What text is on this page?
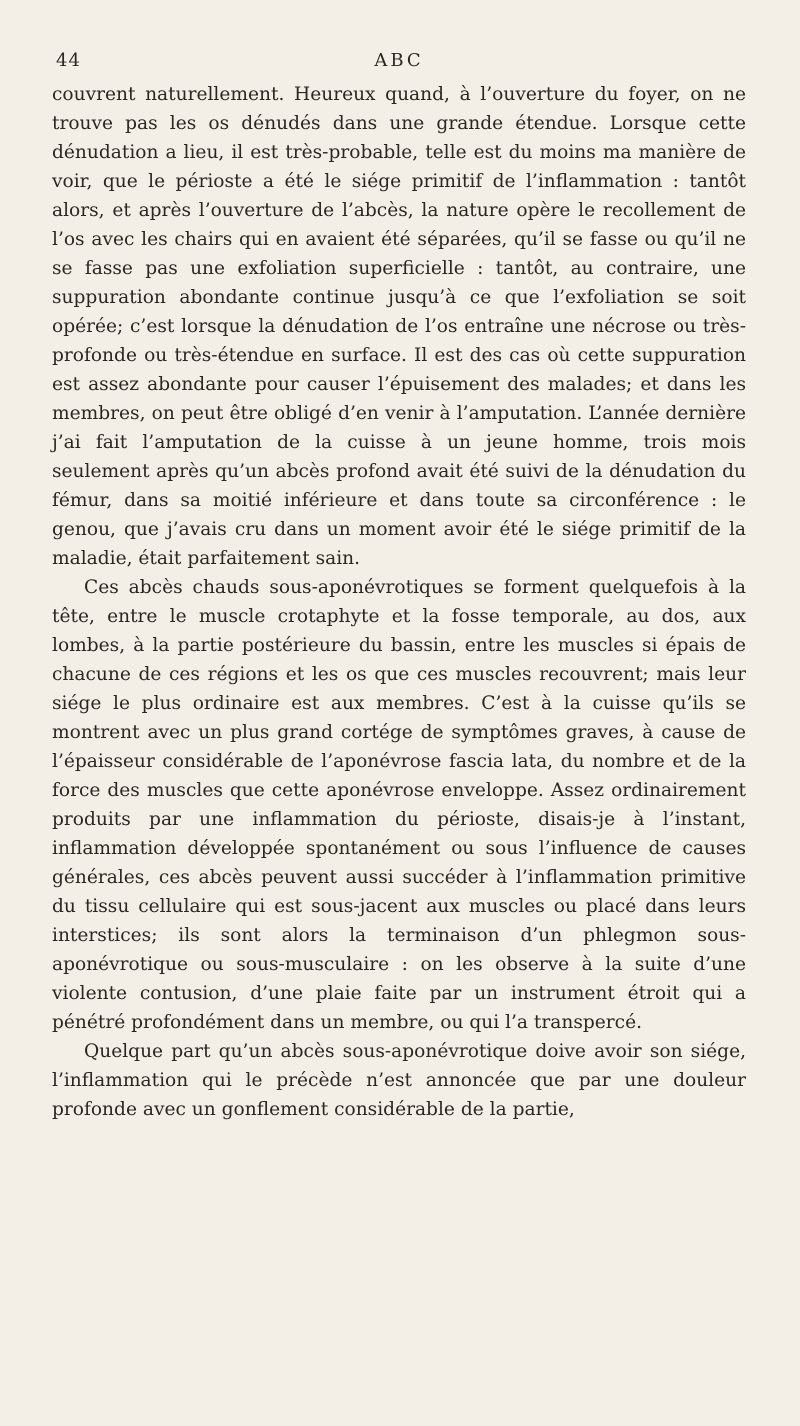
44	ABC

couvrent naturellement. Heureux quand, à l’ouverture du foyer, on ne trouve pas les os dénudés dans une grande étendue. Lorsque cette dénudation a lieu, il est très-probable, telle est du moins ma manière de voir, que le périoste a été le siége primitif de l’inflammation : tantôt alors, et après l’ouverture de l’abcès, la nature opère le recollement de l’os avec les chairs qui en avaient été séparées, qu’il se fasse ou qu’il ne se fasse pas une exfoliation superficielle : tantôt, au contraire, une suppuration abondante continue jusqu’à ce que l’exfoliation se soit opérée; c’est lorsque la dénudation de l’os entraîne une nécrose ou très-profonde ou très-étendue en surface. Il est des cas où cette suppuration est assez abondante pour causer l’épuisement des malades; et dans les membres, on peut être obligé d’en venir à l’amputation. L’année dernière j’ai fait l’amputation de la cuisse à un jeune homme, trois mois seulement après qu’un abcès profond avait été suivi de la dénudation du fémur, dans sa moitié inférieure et dans toute sa circonférence : le genou, que j’avais cru dans un moment avoir été le siége primitif de la maladie, était parfaitement sain.

Ces abcès chauds sous-aponévrotiques se forment quelquefois à la tête, entre le muscle crotaphyte et la fosse temporale, au dos, aux lombes, à la partie postérieure du bassin, entre les muscles si épais de chacune de ces régions et les os que ces muscles recouvrent; mais leur siége le plus ordinaire est aux membres. C’est à la cuisse qu’ils se montrent avec un plus grand cortége de symptômes graves, à cause de l’épaisseur considérable de l’aponévrose fascia lata, du nombre et de la force des muscles que cette aponévrose enveloppe. Assez ordinairement produits par une inflammation du périoste, disais-je à l’instant, inflammation développée spontanément ou sous l’influence de causes générales, ces abcès peuvent aussi succéder à l’inflammation primitive du tissu cellulaire qui est sous-jacent aux muscles ou placé dans leurs interstices; ils sont alors la terminaison d’un phlegmon sous-aponévrotique ou sous-musculaire : on les observe à la suite d’une violente contusion, d’une plaie faite par un instrument étroit qui a pénétré profondément dans un membre, ou qui l’a transpercé.

Quelque part qu’un abcès sous-aponévrotique doive avoir son siége, l’inflammation qui le précède n’est annoncée que par une douleur profonde avec un gonflement considérable de la partie,
